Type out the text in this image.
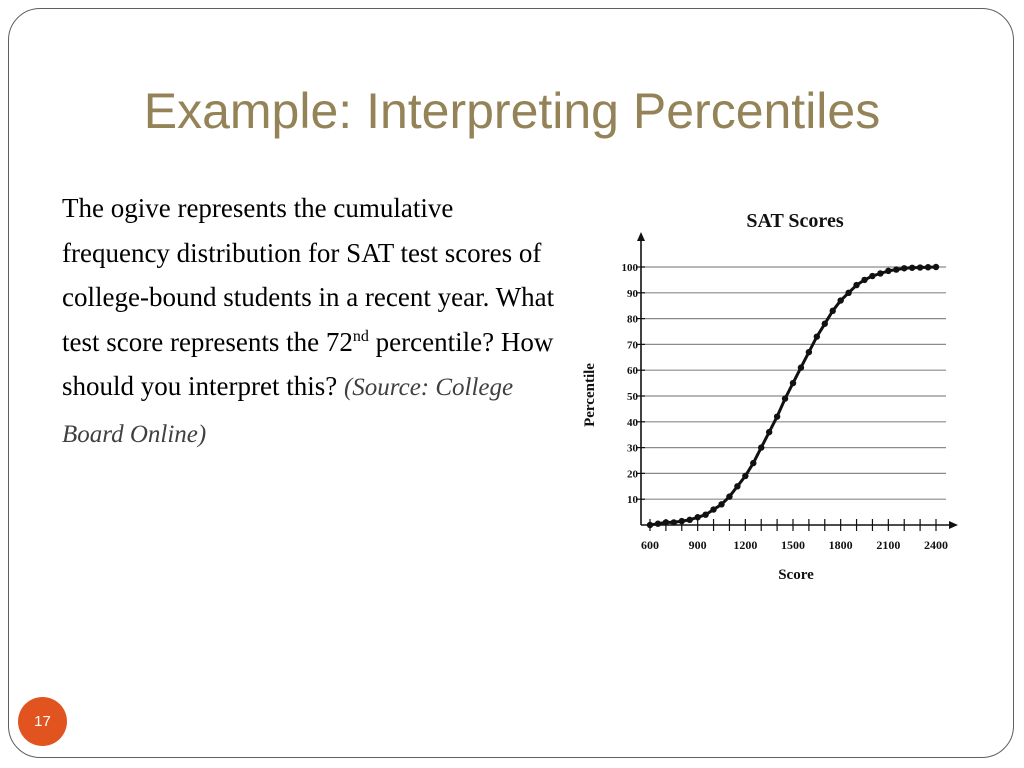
Example: Interpreting Percentiles
The ogive represents the cumulative frequency distribution for SAT test scores of college-bound students in a recent year. What test score represents the 72nd percentile? How should you interpret this? (Source: College Board Online)
SAT Scores
10
20
30
40
50
60
70
80
90
100
600 900 1200 1500 1800 2100 2400
Score
Percentile
17
